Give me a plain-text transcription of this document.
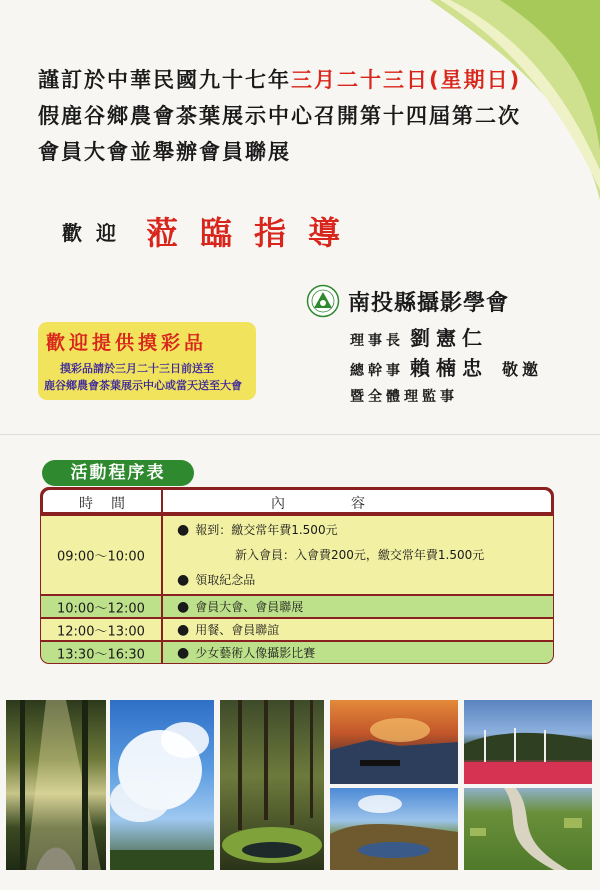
謹訂於中華民國九十七年三月二十三日(星期日)
假鹿谷鄉農會茶葉展示中心召開第十四屆第二次
會員大會並舉辦會員聯展
歡迎 蒞臨指導
南投縣攝影學會
理事長 劉憲仁
總幹事 賴楠忠 敬邀
暨全體理監事
歡迎提供摸彩品
摸彩品請於三月二十三日前送至
鹿谷鄉農會茶葉展示中心或當天送至大會
活動程序表
時　間	內　　　　容
09:00～10:00
● 報到：繳交常年費1.500元
新入會員：入會費200元，繳交常年費1.500元
● 領取紀念品
10:00～12:00 ● 會員大會、會員聯展
12:00～13:00 ● 用餐、會員聯誼
13:30～16:30 ● 少女藝術人像攝影比賽
